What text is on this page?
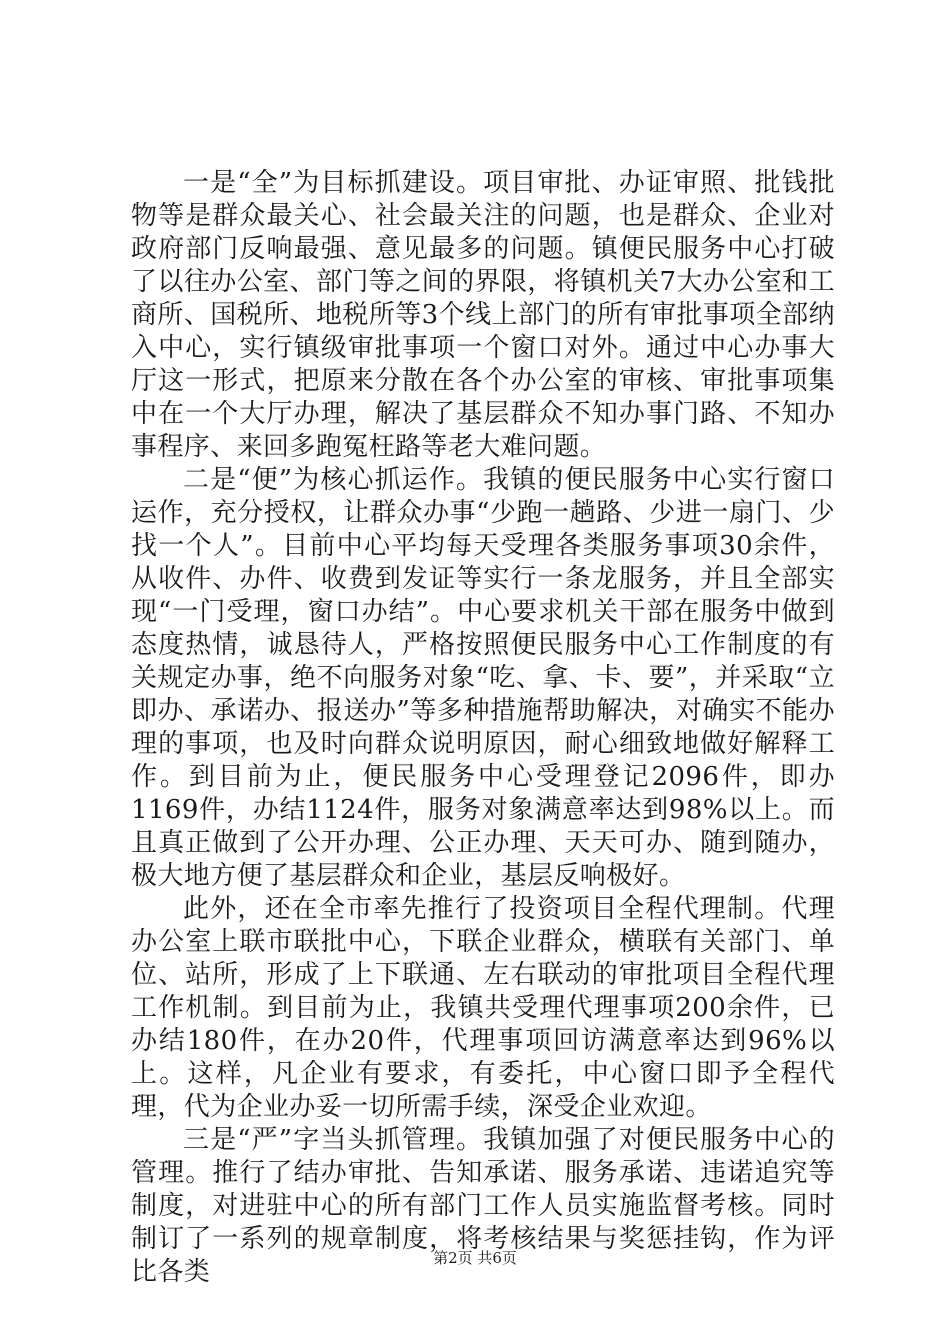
一是“全”为目标抓建设。项目审批、办证审照、批钱批物等是群众最关心、社会最关注的问题，也是群众、企业对政府部门反响最强、意见最多的问题。镇便民服务中心打破了以往办公室、部门等之间的界限，将镇机关7大办公室和工商所、国税所、地税所等3个线上部门的所有审批事项全部纳入中心，实行镇级审批事项一个窗口对外。通过中心办事大厅这一形式，把原来分散在各个办公室的审核、审批事项集中在一个大厅办理，解决了基层群众不知办事门路、不知办事程序、来回多跑冤枉路等老大难问题。

二是“便”为核心抓运作。我镇的便民服务中心实行窗口运作，充分授权，让群众办事“少跑一趟路、少进一扇门、少找一个人”。目前中心平均每天受理各类服务事项30余件，从收件、办件、收费到发证等实行一条龙服务，并且全部实现“一门受理，窗口办结”。中心要求机关干部在服务中做到态度热情，诚恳待人，严格按照便民服务中心工作制度的有关规定办事，绝不向服务对象“吃、拿、卡、要”，并采取“立即办、承诺办、报送办”等多种措施帮助解决，对确实不能办理的事项，也及时向群众说明原因，耐心细致地做好解释工作。到目前为止，便民服务中心受理登记2096件，即办1169件，办结1124件，服务对象满意率达到98%以上。而且真正做到了公开办理、公正办理、天天可办、随到随办，极大地方便了基层群众和企业，基层反响极好。

此外，还在全市率先推行了投资项目全程代理制。代理办公室上联市联批中心，下联企业群众，横联有关部门、单位、站所，形成了上下联通、左右联动的审批项目全程代理工作机制。到目前为止，我镇共受理代理事项200余件，已办结180件，在办20件，代理事项回访满意率达到96%以上。这样，凡企业有要求，有委托，中心窗口即予全程代理，代为企业办妥一切所需手续，深受企业欢迎。

三是“严”字当头抓管理。我镇加强了对便民服务中心的管理。推行了结办审批、告知承诺、服务承诺、违诺追究等制度，对进驻中心的所有部门工作人员实施监督考核。同时制订了一系列的规章制度，将考核结果与奖惩挂钩，作为评比各类	第2页 共6页
